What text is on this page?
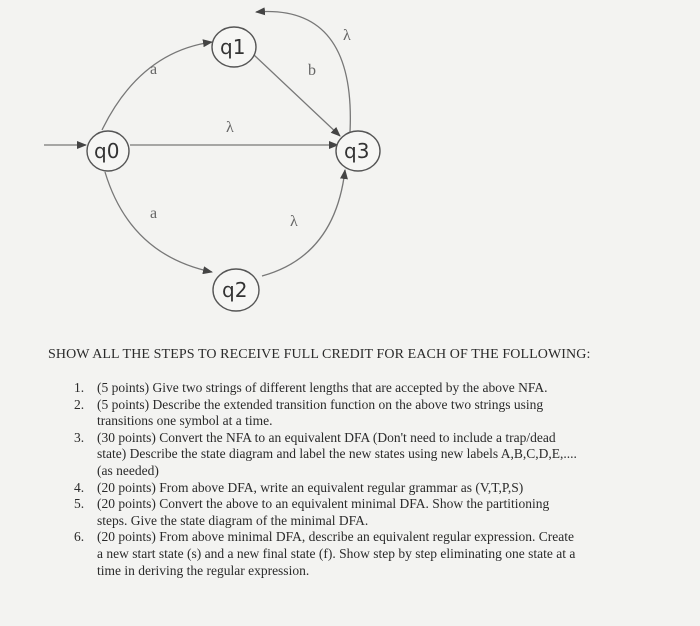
a	b
λ
λ
a	λ
q0
q1
q3
q2
SHOW ALL THE STEPS TO RECEIVE FULL CREDIT FOR EACH OF THE FOLLOWING:
1. (5 points) Give two strings of different lengths that are accepted by the above NFA.
2. (5 points) Describe the extended transition function on the above two strings using
transitions one symbol at a time.
3. (30 points) Convert the NFA to an equivalent DFA (Don't need to include a trap/dead
state) Describe the state diagram and label the new states using new labels A,B,C,D,E,....
(as needed)
4. (20 points) From above DFA, write an equivalent regular grammar as (V,T,P,S)
5. (20 points) Convert the above to an equivalent minimal DFA. Show the partitioning
steps. Give the state diagram of the minimal DFA.
6. (20 points) From above minimal DFA, describe an equivalent regular expression. Create
a new start state (s) and a new final state (f). Show step by step eliminating one state at a
time in deriving the regular expression.
